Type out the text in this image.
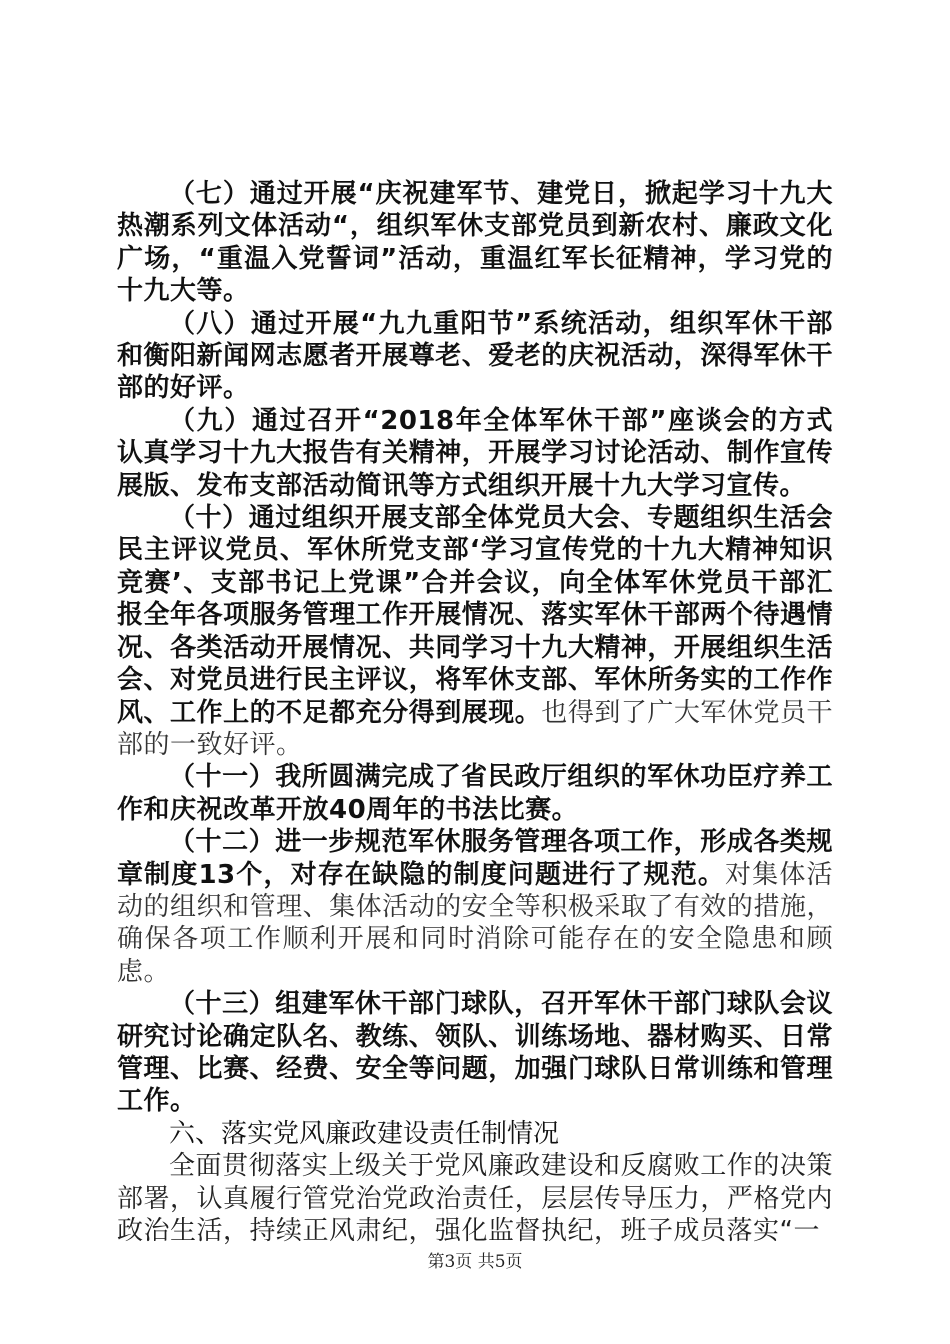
（七）通过开展“庆祝建军节、建党日，掀起学习十九大热潮系列文体活动“，组织军休支部党员到新农村、廉政文化广场，“重温入党誓词”活动，重温红军长征精神，学习党的十九大等。

（八）通过开展“九九重阳节”系统活动，组织军休干部和衡阳新闻网志愿者开展尊老、爱老的庆祝活动，深得军休干部的好评。

（九）通过召开“2018年全体军休干部”座谈会的方式认真学习十九大报告有关精神，开展学习讨论活动、制作宣传展版、发布支部活动简讯等方式组织开展十九大学习宣传。

（十）通过组织开展支部全体党员大会、专题组织生活会民主评议党员、军休所党支部‘学习宣传党的十九大精神知识竞赛’、支部书记上党课”合并会议，向全体军休党员干部汇报全年各项服务管理工作开展情况、落实军休干部两个待遇情况、各类活动开展情况、共同学习十九大精神，开展组织生活会、对党员进行民主评议，将军休支部、军休所务实的工作作风、工作上的不足都充分得到展现。也得到了广大军休党员干部的一致好评。

（十一）我所圆满完成了省民政厅组织的军休功臣疗养工作和庆祝改革开放40周年的书法比赛。

（十二）进一步规范军休服务管理各项工作，形成各类规章制度13个，对存在缺隐的制度问题进行了规范。对集体活动的组织和管理、集体活动的安全等积极采取了有效的措施，确保各项工作顺利开展和同时消除可能存在的安全隐患和顾虑。

（十三）组建军休干部门球队，召开军休干部门球队会议研究讨论确定队名、教练、领队、训练场地、器材购买、日常管理、比赛、经费、安全等问题，加强门球队日常训练和管理工作。

六、落实党风廉政建设责任制情况

全面贯彻落实上级关于党风廉政建设和反腐败工作的决策部署，认真履行管党治党政治责任，层层传导压力，严格党内政治生活，持续正风肃纪，强化监督执纪，班子成员落实“一

第3页 共5页
